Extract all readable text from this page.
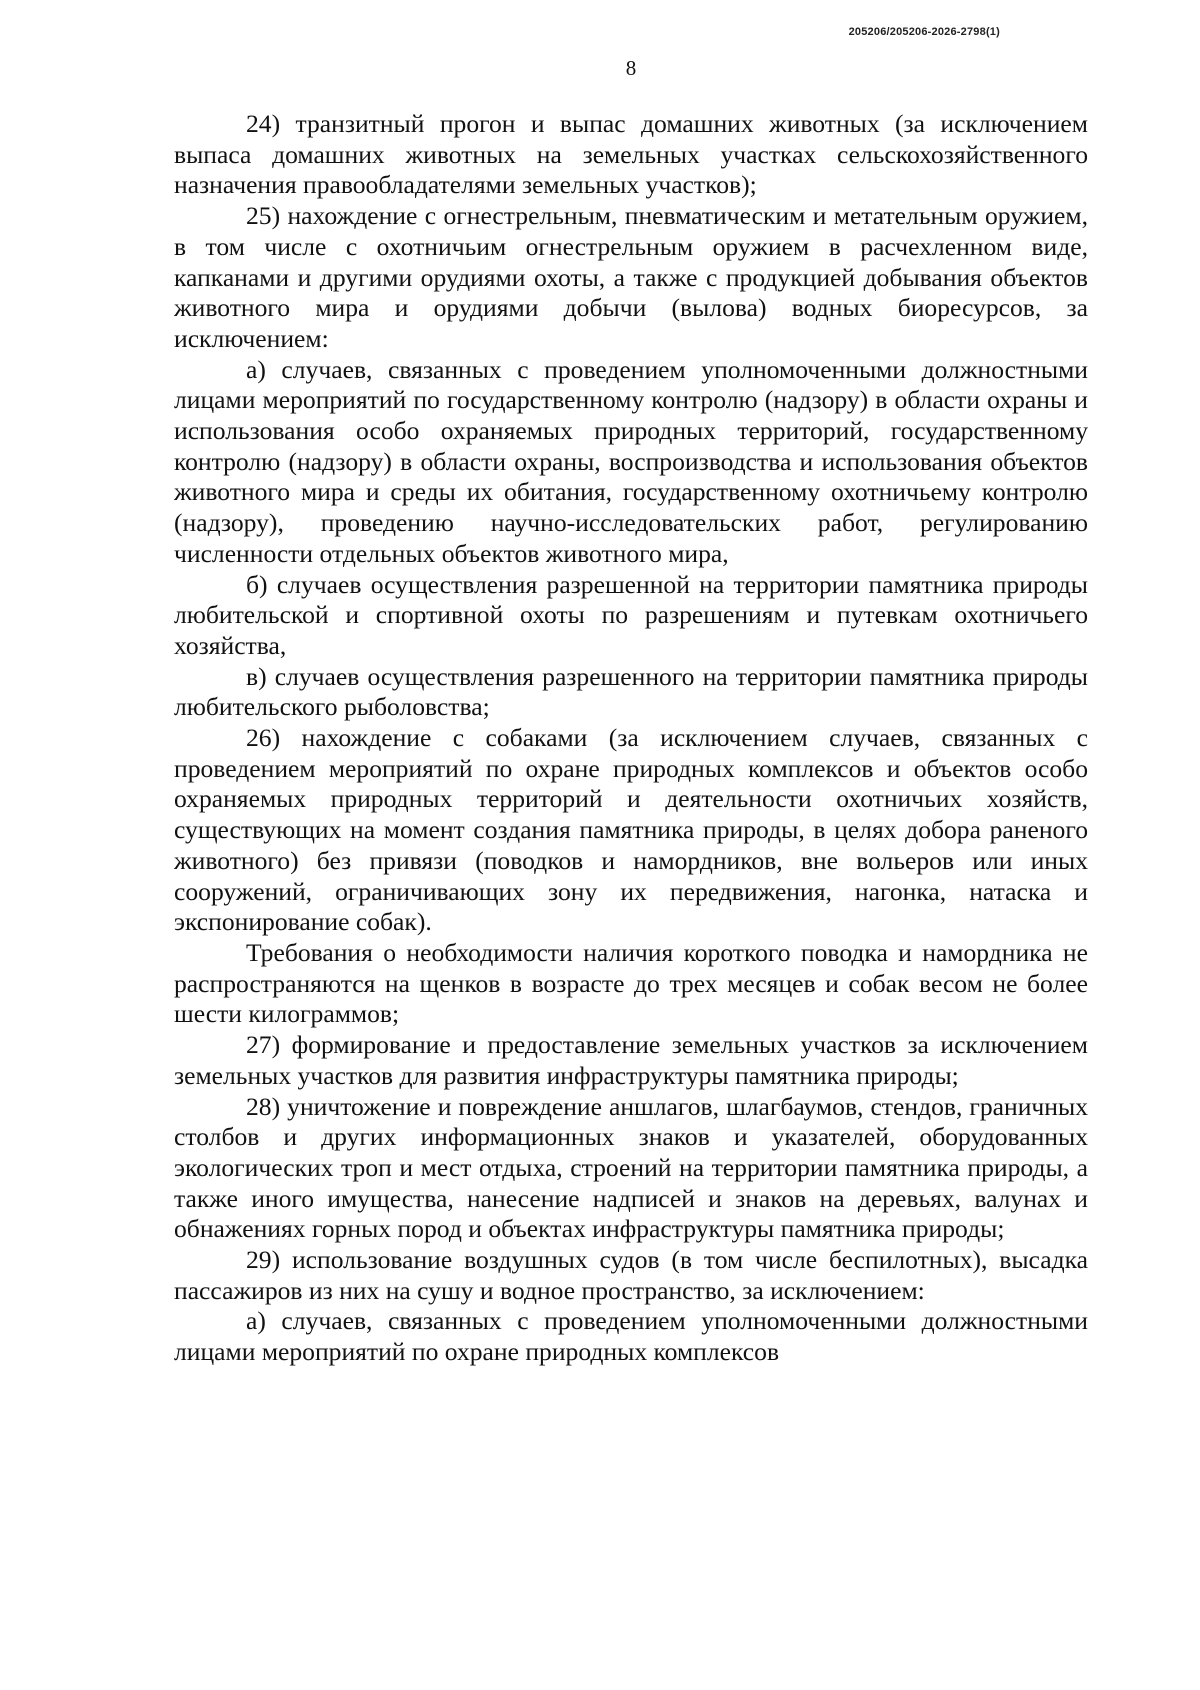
205206/205206-2026-2798(1)
8

24) транзитный прогон и выпас домашних животных (за исключением выпаса домашних животных на земельных участках сельскохозяйственного назначения правообладателями земельных участков);

25) нахождение с огнестрельным, пневматическим и метательным оружием, в том числе с охотничьим огнестрельным оружием в расчехленном виде, капканами и другими орудиями охоты, а также с продукцией добывания объектов животного мира и орудиями добычи (вылова) водных биоресурсов, за исключением:

а) случаев, связанных с проведением уполномоченными должностными лицами мероприятий по государственному контролю (надзору) в области охраны и использования особо охраняемых природных территорий, государственному контролю (надзору) в области охраны, воспроизводства и использования объектов животного мира и среды их обитания, государственному охотничьему контролю (надзору), проведению научно-исследовательских работ, регулированию численности отдельных объектов животного мира,

б) случаев осуществления разрешенной на территории памятника природы любительской и спортивной охоты по разрешениям и путевкам охотничьего хозяйства,

в) случаев осуществления разрешенного на территории памятника природы любительского рыболовства;

26) нахождение с собаками (за исключением случаев, связанных с проведением мероприятий по охране природных комплексов и объектов особо охраняемых природных территорий и деятельности охотничьих хозяйств, существующих на момент создания памятника природы, в целях добора раненого животного) без привязи (поводков и намордников, вне вольеров или иных сооружений, ограничивающих зону их передвижения, нагонка, натаска и экспонирование собак).

Требования о необходимости наличия короткого поводка и намордника не распространяются на щенков в возрасте до трех месяцев и собак весом не более шести килограммов;

27) формирование и предоставление земельных участков за исключением земельных участков для развития инфраструктуры памятника природы;

28) уничтожение и повреждение аншлагов, шлагбаумов, стендов, граничных столбов и других информационных знаков и указателей, оборудованных экологических троп и мест отдыха, строений на территории памятника природы, а также иного имущества, нанесение надписей и знаков на деревьях, валунах и обнажениях горных пород и объектах инфраструктуры памятника природы;

29) использование воздушных судов (в том числе беспилотных), высадка пассажиров из них на сушу и водное пространство, за исключением:

а) случаев, связанных с проведением уполномоченными должностными лицами мероприятий по охране природных комплексов
